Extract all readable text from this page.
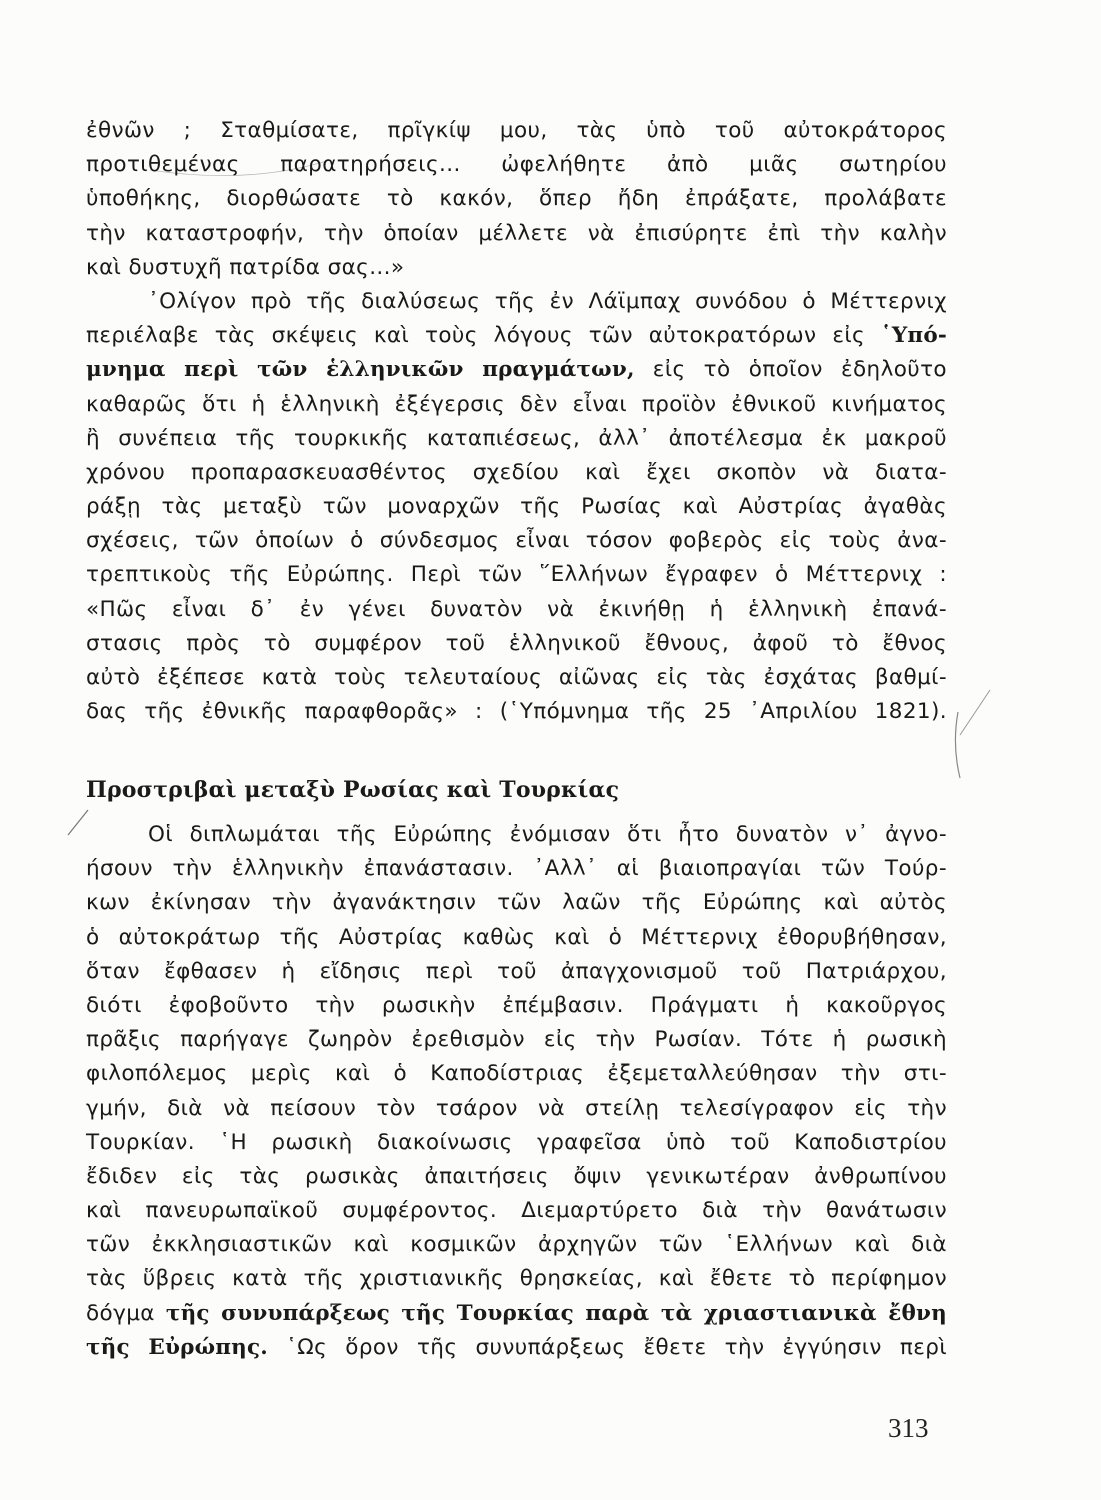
ἐθνῶν ; Σταθμίσατε, πρῖγκίψ μου, τὰς ὑπὸ τοῦ αὐτοκράτορος
προτιθεμένας παρατηρήσεις... ὠφελήθητε ἀπὸ μιᾶς σωτηρίου
ὑποθήκης, διορθώσατε τὸ κακόν, ὅπερ ἤδη ἐπράξατε, προλάβατε
τὴν καταστροφήν, τὴν ὁποίαν μέλλετε νὰ ἐπισύρητε ἐπὶ τὴν καλὴν
καὶ δυστυχῆ πατρίδα σας...»
᾿Ολίγον πρὸ τῆς διαλύσεως τῆς ἐν Λάϊμπαχ συνόδου ὁ Μέττερνιχ
περιέλαβε τὰς σκέψεις καὶ τοὺς λόγους τῶν αὐτοκρατόρων εἰς ῾Υπό-
μνημα περὶ τῶν ἑλληνικῶν πραγμάτων, εἰς τὸ ὁποῖον ἐδηλοῦτο
καθαρῶς ὅτι ἡ ἑλληνικὴ ἐξέγερσις δὲν εἶναι προϊὸν ἐθνικοῦ κινήματος
ἢ συνέπεια τῆς τουρκικῆς καταπιέσεως, ἀλλ᾿ ἀποτέλεσμα ἐκ μακροῦ
χρόνου προπαρασκευασθέντος σχεδίου καὶ ἔχει σκοπὸν νὰ διατα-
ράξῃ τὰς μεταξὺ τῶν μοναρχῶν τῆς Ρωσίας καὶ Αὐστρίας ἀγαθὰς
σχέσεις, τῶν ὁποίων ὁ σύνδεσμος εἶναι τόσον φοβερὸς εἰς τοὺς ἀνα-
τρεπτικοὺς τῆς Εὐρώπης. Περὶ τῶν ῞Ελλήνων ἔγραφεν ὁ Μέττερνιχ :
«Πῶς εἶναι δ᾿ ἐν γένει δυνατὸν νὰ ἐκινήθῃ ἡ ἑλληνικὴ ἐπανά-
στασις πρὸς τὸ συμφέρον τοῦ ἑλληνικοῦ ἔθνους, ἀφοῦ τὸ ἔθνος
αὐτὸ ἐξέπεσε κατὰ τοὺς τελευταίους αἰῶνας εἰς τὰς ἐσχάτας βαθμί-
δας τῆς ἐθνικῆς παραφθορᾶς» : (῾Υπόμνημα τῆς 25 ᾿Απριλίου 1821).
Προστριβαὶ μεταξὺ Ρωσίας καὶ Τουρκίας
Οἱ διπλωμάται τῆς Εὐρώπης ἐνόμισαν ὅτι ἦτο δυνατὸν ν᾿ ἀγνο-
ήσουν τὴν ἑλληνικὴν ἐπανάστασιν. ᾿Αλλ᾿ αἱ βιαιοπραγίαι τῶν Τούρ-
κων ἐκίνησαν τὴν ἀγανάκτησιν τῶν λαῶν τῆς Εὐρώπης καὶ αὐτὸς
ὁ αὐτοκράτωρ τῆς Αὐστρίας καθὼς καὶ ὁ Μέττερνιχ ἐθορυβήθησαν,
ὅταν ἔφθασεν ἡ εἴδησις περὶ τοῦ ἀπαγχονισμοῦ τοῦ Πατριάρχου,
διότι ἐφοβοῦντο τὴν ρωσικὴν ἐπέμβασιν. Πράγματι ἡ κακοῦργος
πρᾶξις παρήγαγε ζωηρὸν ἐρεθισμὸν εἰς τὴν Ρωσίαν. Τότε ἡ ρωσικὴ
φιλοπόλεμος μερὶς καὶ ὁ Καποδίστριας ἐξεμεταλλεύθησαν τὴν στι-
γμήν, διὰ νὰ πείσουν τὸν τσάρον νὰ στείλῃ τελεσίγραφον εἰς τὴν
Τουρκίαν. ῾Η ρωσικὴ διακοίνωσις γραφεῖσα ὑπὸ τοῦ Καποδιστρίου
ἔδιδεν εἰς τὰς ρωσικὰς ἀπαιτήσεις ὄψιν γενικωτέραν ἀνθρωπίνου
καὶ πανευρωπαϊκοῦ συμφέροντος. Διεμαρτύρετο διὰ τὴν θανάτωσιν
τῶν ἐκκλησιαστικῶν καὶ κοσμικῶν ἀρχηγῶν τῶν ῾Ελλήνων καὶ διὰ
τὰς ὕβρεις κατὰ τῆς χριστιανικῆς θρησκείας, καὶ ἔθετε τὸ περίφημον
δόγμα τῆς συνυπάρξεως τῆς Τουρκίας παρὰ τὰ χριαστιανικὰ ἔθνη
τῆς Εὐρώπης. ῾Ως ὅρον τῆς συνυπάρξεως ἔθετε τὴν ἐγγύησιν περὶ
313
